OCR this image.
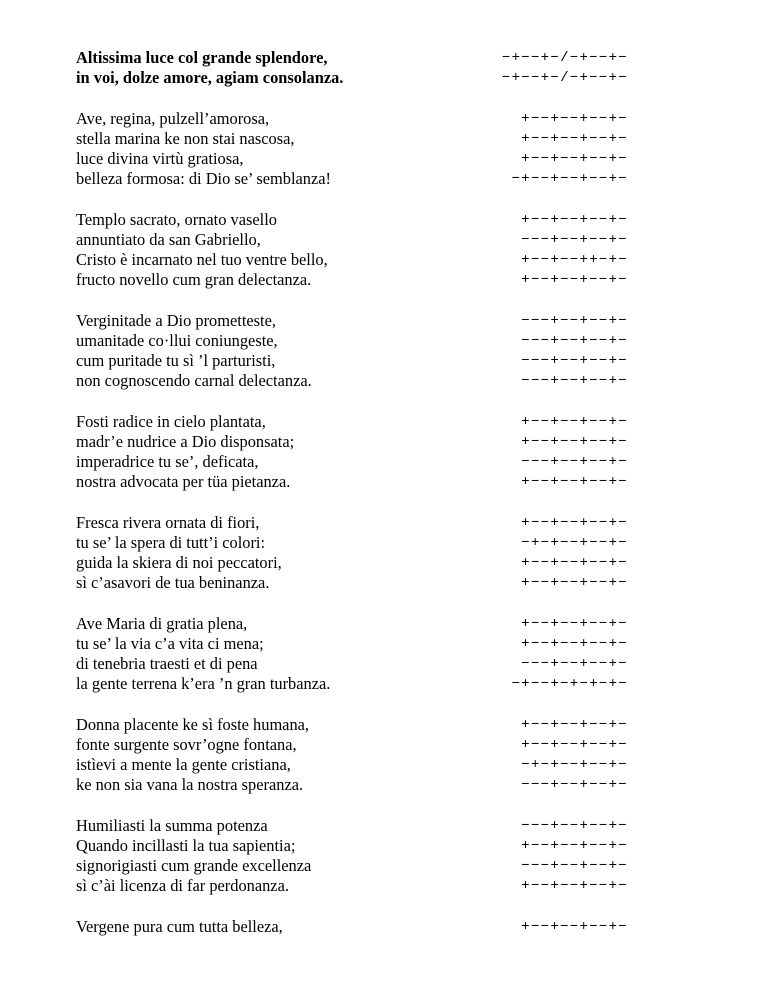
Altissima luce col grande splendore,	−+−−+−/−+−−+−
in voi, dolze amore, agiam consolanza.	−+−−+−/−+−−+−
Ave, regina, pulzell’amorosa,	+−−+−−+−−+−
stella marina ke non stai nascosa,	+−−+−−+−−+−
luce divina virtù gratiosa,	+−−+−−+−−+−
belleza formosa: di Dio se’ semblanza!	−+−−+−−+−−+−
Templo sacrato, ornato vasello	+−−+−−+−−+−
annuntiato da san Gabriello,	−−−+−−+−−+−
Cristo è incarnato nel tuo ventre bello,	+−−+−−++−+−
fructo novello cum gran delectanza.	+−−+−−+−−+−
Verginitade a Dio prometteste,	−−−+−−+−−+−
umanitade co·llui coniungeste,	−−−+−−+−−+−
cum puritade tu sì ’l parturisti,	−−−+−−+−−+−
non cognoscendo carnal delectanza.	−−−+−−+−−+−
Fosti radice in cielo plantata,	+−−+−−+−−+−
madr’e nudrice a Dio disponsata;	+−−+−−+−−+−
imperadrice tu se’, deficata,	−−−+−−+−−+−
nostra advocata per tüa pietanza.	+−−+−−+−−+−
Fresca rivera ornata di fiori,	+−−+−−+−−+−
tu se’ la spera di tutt’i colori:	−+−+−−+−−+−
guida la skiera di noi peccatori,	+−−+−−+−−+−
sì c’asavori de tua beninanza.	+−−+−−+−−+−
Ave Maria di gratia plena,	+−−+−−+−−+−
tu se’ la via c’a vita ci mena;	+−−+−−+−−+−
di tenebria traesti et di pena	−−−+−−+−−+−
la gente terrena k’era ’n gran turbanza.	−+−−+−+−+−+−
Donna placente ke sì foste humana,	+−−+−−+−−+−
fonte surgente sovr’ogne fontana,	+−−+−−+−−+−
istìevi a mente la gente cristiana,	−+−+−−+−−+−
ke non sia vana la nostra speranza.	−−−+−−+−−+−
Humiliasti la summa potenza	−−−+−−+−−+−
Quando incillasti la tua sapientia;	+−−+−−+−−+−
signorigiasti cum grande excellenza	−−−+−−+−−+−
sì c’ài licenza di far perdonanza.	+−−+−−+−−+−
Vergene pura cum tutta belleza,	+−−+−−+−−+−
